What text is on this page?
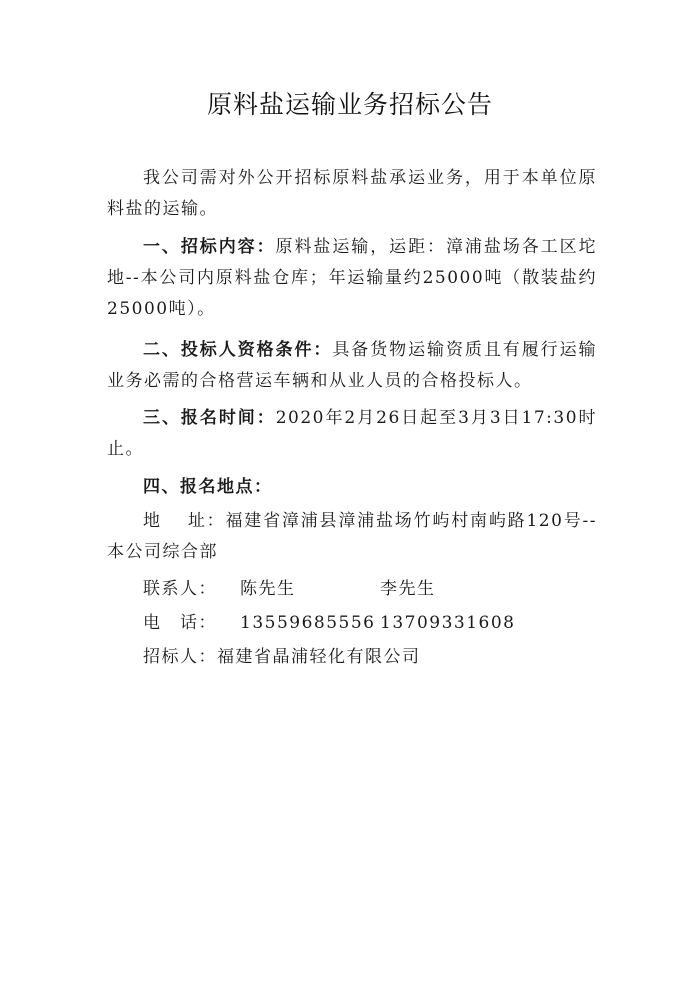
原料盐运输业务招标公告

我公司需对外公开招标原料盐承运业务，用于本单位原料盐的运输。

一、招标内容：原料盐运输，运距：漳浦盐场各工区坨地--本公司内原料盐仓库；年运输量约25000吨（散装盐约25000吨）。

二、投标人资格条件：具备货物运输资质且有履行运输业务必需的合格营运车辆和从业人员的合格投标人。

三、报名时间：2020年2月26日起至3月3日17:30时止。

四、报名地点：

地　 址：福建省漳浦县漳浦盐场竹屿村南屿路120号--本公司综合部

联系人： 陈先生	李先生
电　话： 13559685556 13709331608
招标人：福建省晶浦轻化有限公司
